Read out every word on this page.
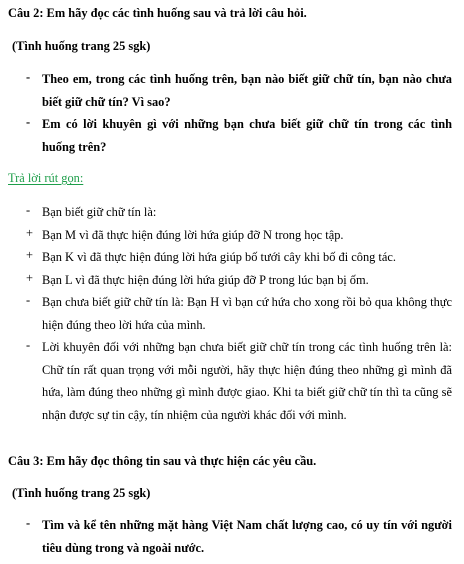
Câu 2: Em hãy đọc các tình huống sau và trả lời câu hỏi.
(Tình huống trang 25 sgk)
- Theo em, trong các tình huống trên, bạn nào biết giữ chữ tín, bạn nào chưa biết giữ chữ tín? Vì sao?
- Em có lời khuyên gì với những bạn chưa biết giữ chữ tín trong các tình huống trên?
Trả lời rút gọn:
- Bạn biết giữ chữ tín là:
+ Bạn M vì đã thực hiện đúng lời hứa giúp đỡ N trong học tập.
+ Bạn K vì đã thực hiện đúng lời hứa giúp bố tưới cây khi bố đi công tác.
+ Bạn L vì đã thực hiện đúng lời hứa giúp đỡ P trong lúc bạn bị ốm.
- Bạn chưa biết giữ chữ tín là: Bạn H vì bạn cứ hứa cho xong rồi bỏ qua không thực hiện đúng theo lời hứa của mình.
- Lời khuyên đối với những bạn chưa biết giữ chữ tín trong các tình huống trên là: Chữ tín rất quan trọng với mỗi người, hãy thực hiện đúng theo những gì mình đã hứa, làm đúng theo những gì mình được giao. Khi ta biết giữ chữ tín thì ta cũng sẽ nhận được sự tin cậy, tín nhiệm của người khác đối với mình.
Câu 3: Em hãy đọc thông tin sau và thực hiện các yêu cầu.
(Tình huống trang 25 sgk)
- Tìm và kể tên những mặt hàng Việt Nam chất lượng cao, có uy tín với người tiêu dùng trong và ngoài nước.
